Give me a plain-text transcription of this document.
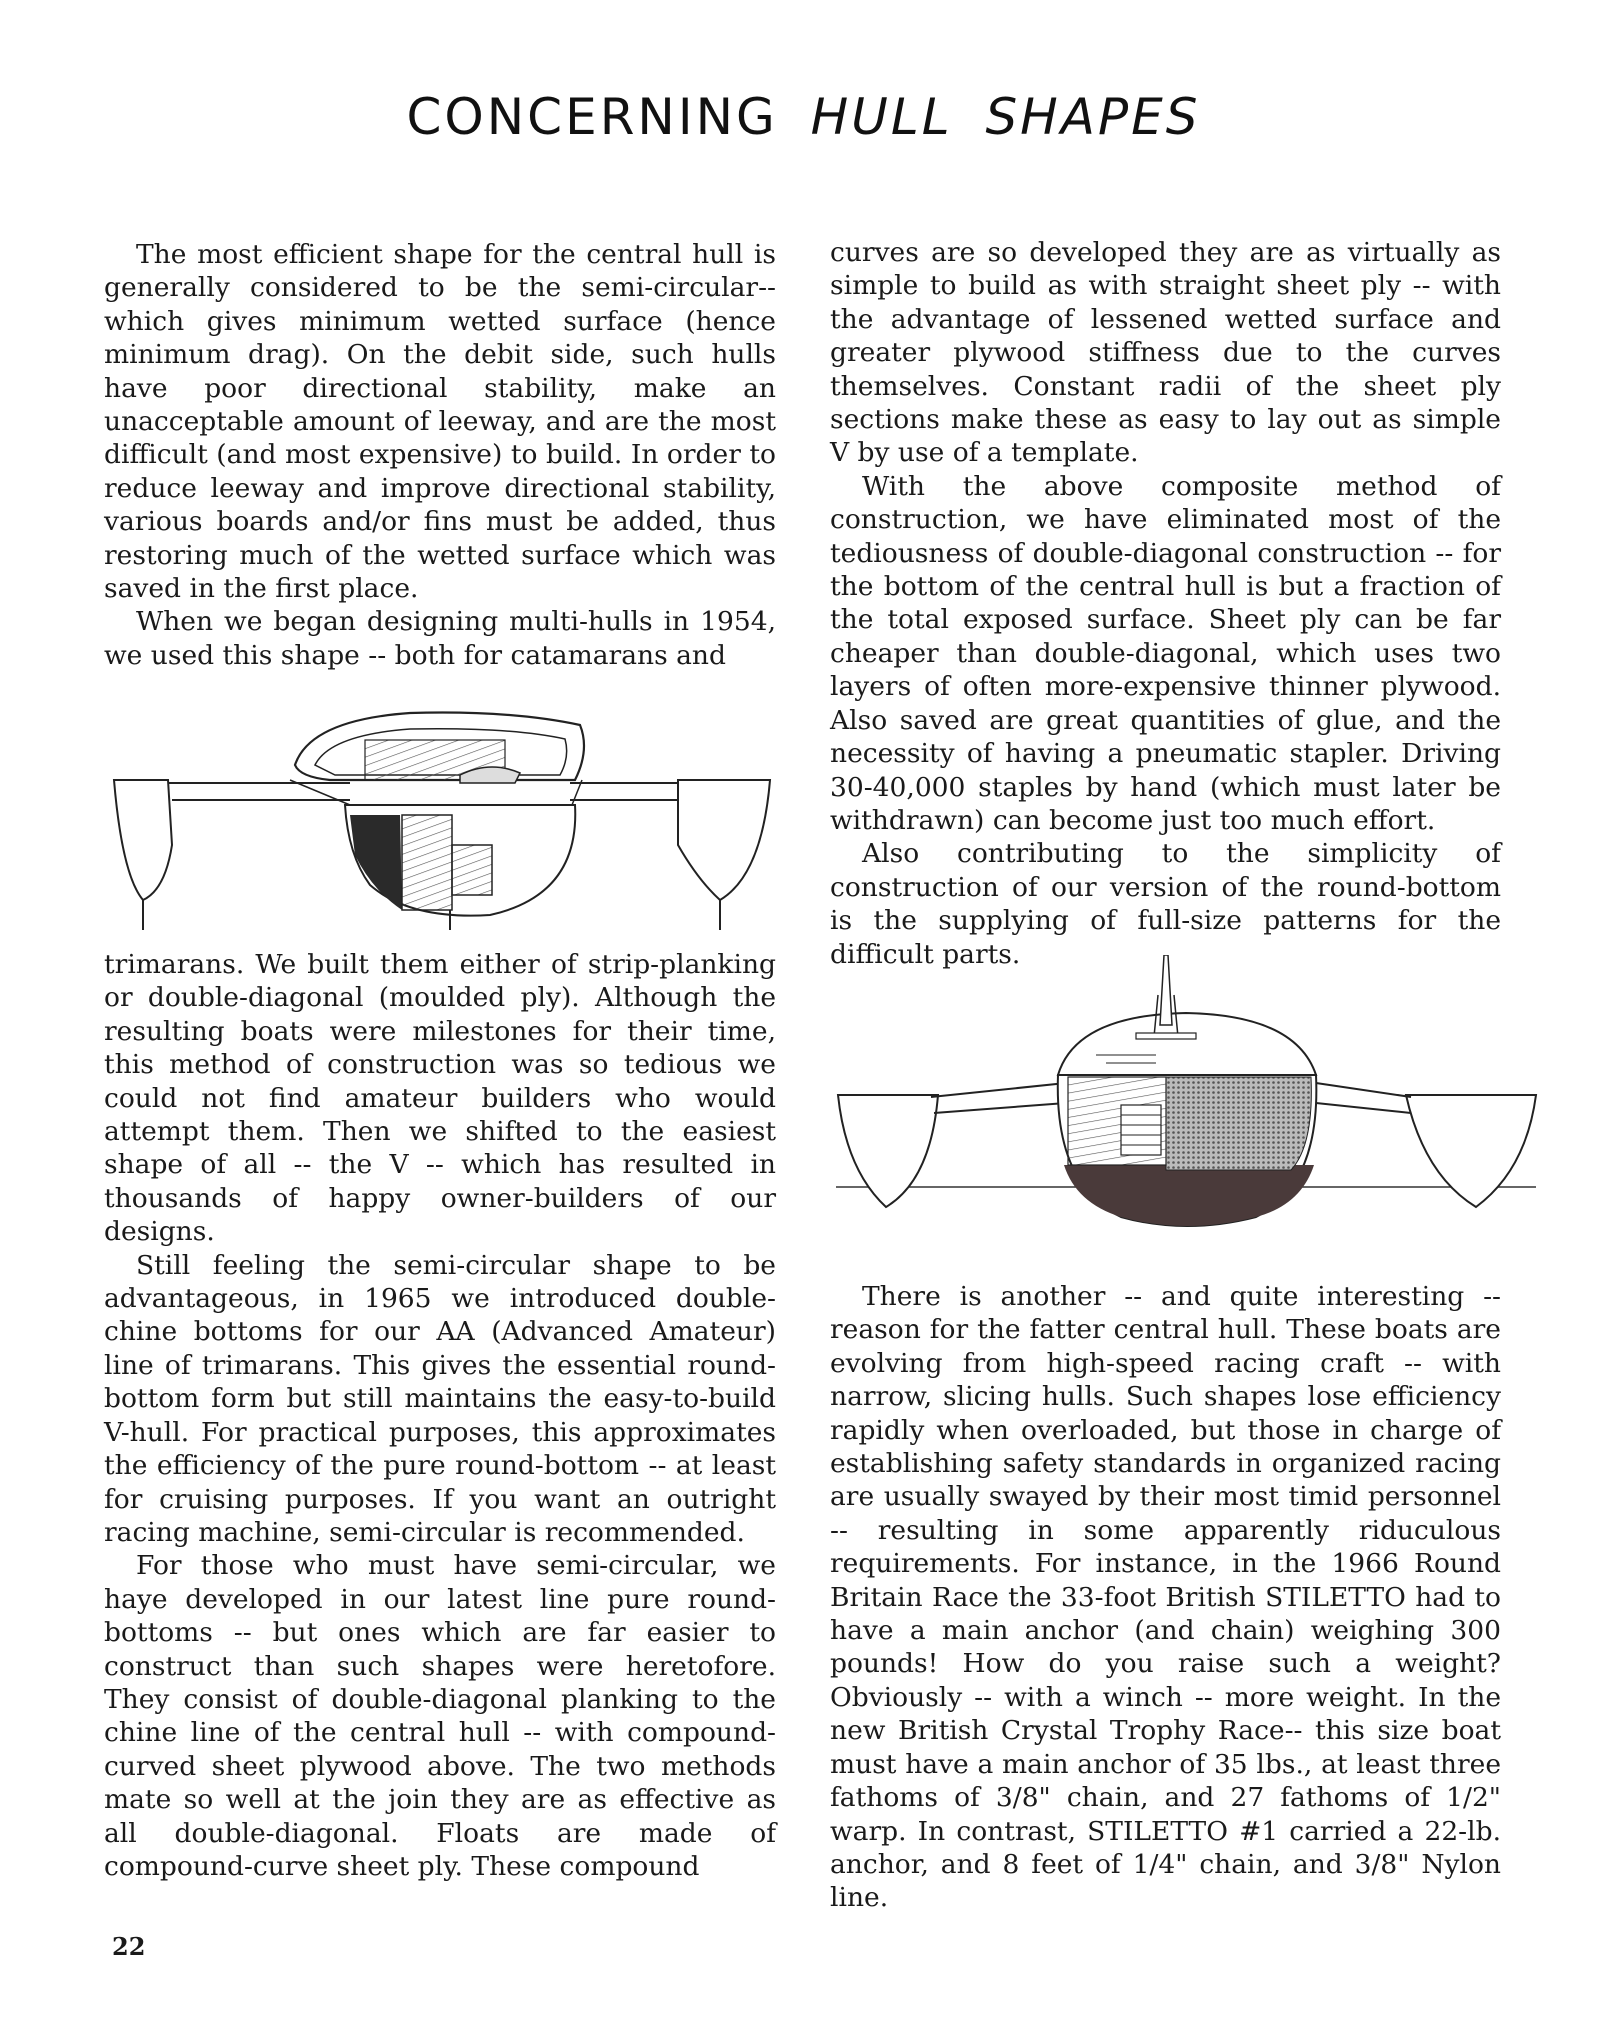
CONCERNING HULL SHAPES

The most efficient shape for the central hull is generally considered to be the semi-circular-- which gives minimum wetted surface (hence minimum drag). On the debit side, such hulls have poor directional stability, make an unacceptable amount of leeway, and are the most difficult (and most expensive) to build. In order to reduce leeway and improve directional stability, various boards and/or fins must be added, thus restoring much of the wetted surface which was saved in the first place.

When we began designing multi-hulls in 1954, we used this shape -- both for catamarans and

trimarans. We built them either of strip-planking or double-diagonal (moulded ply). Although the resulting boats were milestones for their time, this method of construction was so tedious we could not find amateur builders who would attempt them. Then we shifted to the easiest shape of all -- the V -- which has resulted in thousands of happy owner-builders of our designs.

Still feeling the semi-circular shape to be advantageous, in 1965 we introduced double-chine bottoms for our AA (Advanced Amateur) line of trimarans. This gives the essential round-bottom form but still maintains the easy-to-build V-hull. For practical purposes, this approximates the efficiency of the pure round-bottom -- at least for cruising purposes. If you want an outright racing machine, semi-circular is recommended.

For those who must have semi-circular, we haye developed in our latest line pure round-bottoms -- but ones which are far easier to construct than such shapes were heretofore. They consist of double-diagonal planking to the chine line of the central hull -- with compound-curved sheet plywood above. The two methods mate so well at the join they are as effective as all double-diagonal. Floats are made of compound-curve sheet ply. These compound

curves are so developed they are as virtually as simple to build as with straight sheet ply -- with the advantage of lessened wetted surface and greater plywood stiffness due to the curves themselves. Constant radii of the sheet ply sections make these as easy to lay out as simple V by use of a template.

With the above composite method of construction, we have eliminated most of the tediousness of double-diagonal construction -- for the bottom of the central hull is but a fraction of the total exposed surface. Sheet ply can be far cheaper than double-diagonal, which uses two layers of often more-expensive thinner plywood. Also saved are great quantities of glue, and the necessity of having a pneumatic stapler. Driving 30-40,000 staples by hand (which must later be withdrawn) can become just too much effort.

Also contributing to the simplicity of construction of our version of the round-bottom is the supplying of full-size patterns for the difficult parts.

There is another -- and quite interesting -- reason for the fatter central hull. These boats are evolving from high-speed racing craft -- with narrow, slicing hulls. Such shapes lose efficiency rapidly when overloaded, but those in charge of establishing safety standards in organized racing are usually swayed by their most timid personnel -- resulting in some apparently riduculous requirements. For instance, in the 1966 Round Britain Race the 33-foot British STILETTO had to have a main anchor (and chain) weighing 300 pounds! How do you raise such a weight? Obviously -- with a winch -- more weight. In the new British Crystal Trophy Race-- this size boat must have a main anchor of 35 lbs., at least three fathoms of 3/8" chain, and 27 fathoms of 1/2" warp. In contrast, STILETTO #1 carried a 22-lb. anchor, and 8 feet of 1/4" chain, and 3/8" Nylon line.

22
